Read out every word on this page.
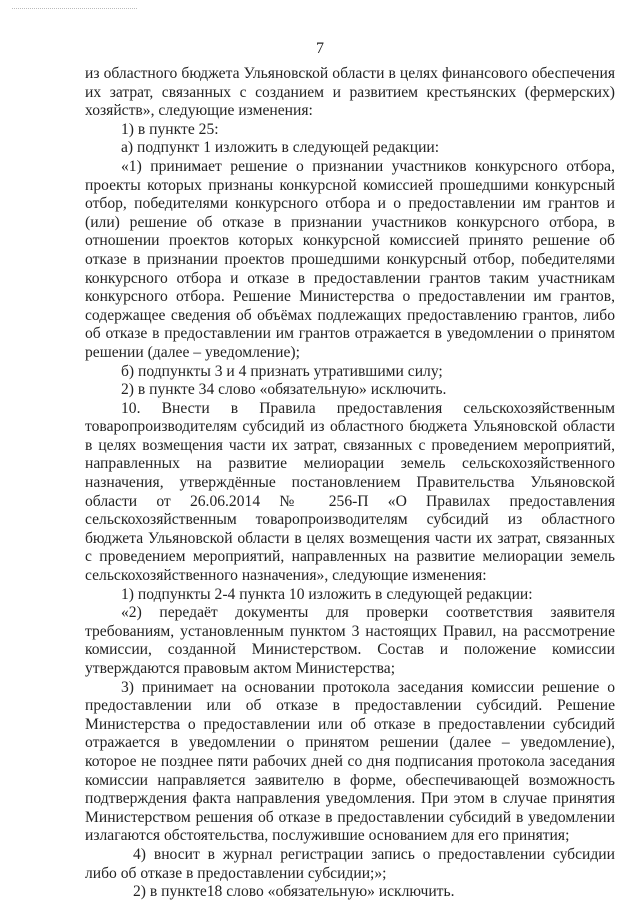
7

из областного бюджета Ульяновской области в целях финансового обеспечения их затрат, связанных с созданием и развитием крестьянских (фермерских) хозяйств», следующие изменения:

1) в пункте 25:

а) подпункт 1 изложить в следующей редакции:

«1) принимает решение о признании участников конкурсного отбора, проекты которых признаны конкурсной комиссией прошедшими конкурсный отбор, победителями конкурсного отбора и о предоставлении им грантов и (или) решение об отказе в признании участников конкурсного отбора, в отношении проектов которых конкурсной комиссией принято решение об отказе в признании проектов прошедшими конкурсный отбор, победителями конкурсного отбора и отказе в предоставлении грантов таким участникам конкурсного отбора. Решение Министерства о предоставлении им грантов, содержащее сведения об объёмах подлежащих предоставлению грантов, либо об отказе в предоставлении им грантов отражается в уведомлении о принятом решении (далее – уведомление);

б) подпункты 3 и 4 признать утратившими силу;

2) в пункте 34 слово «обязательную» исключить.

10. Внести в Правила предоставления сельскохозяйственным товаропроизводителям субсидий из областного бюджета Ульяновской области в целях возмещения части их затрат, связанных с проведением мероприятий, направленных на развитие мелиорации земель сельскохозяйственного назначения, утверждённые постановлением Правительства Ульяновской области от 26.06.2014 № 256-П «О Правилах предоставления сельскохозяйственным товаропроизводителям субсидий из областного бюджета Ульяновской области в целях возмещения части их затрат, связанных с проведением мероприятий, направленных на развитие мелиорации земель сельскохозяйственного назначения», следующие изменения:

1) подпункты 2-4 пункта 10 изложить в следующей редакции:

«2) передаёт документы для проверки соответствия заявителя требованиям, установленным пунктом 3 настоящих Правил, на рассмотрение комиссии, созданной Министерством. Состав и положение комиссии утверждаются правовым актом Министерства;

3) принимает на основании протокола заседания комиссии решение о предоставлении или об отказе в предоставлении субсидий. Решение Министерства о предоставлении или об отказе в предоставлении субсидий отражается в уведомлении о принятом решении (далее – уведомление), которое не позднее пяти рабочих дней со дня подписания протокола заседания комиссии направляется заявителю в форме, обеспечивающей возможность подтверждения факта направления уведомления. При этом в случае принятия Министерством решения об отказе в предоставлении субсидий в уведомлении излагаются обстоятельства, послужившие основанием для его принятия;

4) вносит в журнал регистрации запись о предоставлении субсидии либо об отказе в предоставлении субсидии;»;

2) в пункте18 слово «обязательную» исключить.
